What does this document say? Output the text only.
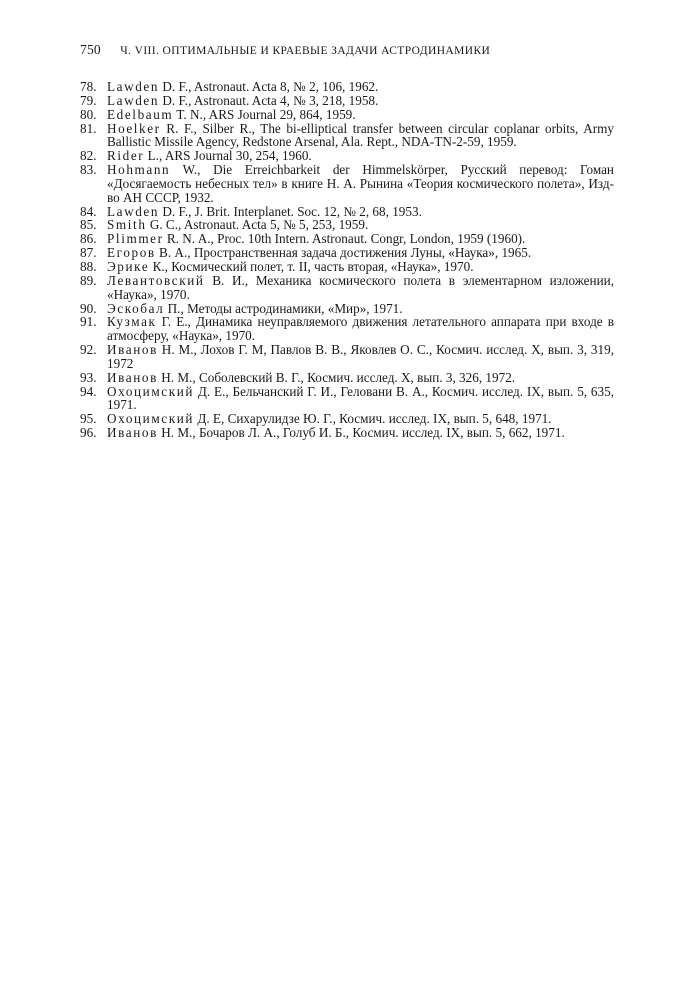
750 Ч. VIII. ОПТИМАЛЬНЫЕ И КРАЕВЫЕ ЗАДАЧИ АСТРОДИНАМИКИ
78. Lawden D. F., Astronaut. Acta 8, № 2, 106, 1962.
79. Lawden D. F., Astronaut. Acta 4, № 3, 218, 1958.
80. Edelbaum T. N., ARS Journal 29, 864, 1959.
81. Hoelker R. F., Silber R., The bi-elliptical transfer between circular coplanar orbits, Army Ballistic Missile Agency, Redstone Arsenal, Ala. Rept., NDA-TN-2-59, 1959.
82. Rider L., ARS Journal 30, 254, 1960.
83. Hohmann W., Die Erreichbarkeit der Himmelskörper, Русский перевод: Гоман «Досягаемость небесных тел» в книге Н. А. Рынина «Теория космического полета», Изд-во АН СССР, 1932.
84. Lawden D. F., J. Brit. Interplanet. Soc. 12, № 2, 68, 1953.
85. Smith G. C., Astronaut. Acta 5, № 5, 253, 1959.
86. Plimmer R. N. A., Proc. 10th Intern. Astronaut. Congr, London, 1959 (1960).
87. Егоров В. А., Пространственная задача достижения Луны, «Наука», 1965.
88. Эрике К., Космический полет, т. II, часть вторая, «Наука», 1970.
89. Левантовский В. И., Механика космического полета в элементарном изложении, «Наука», 1970.
90. Эскобал П., Методы астродинамики, «Мир», 1971.
91. Кузмак Г. Е., Динамика неуправляемого движения летательного аппарата при входе в атмосферу, «Наука», 1970.
92. Иванов Н. М., Лохов Г. М, Павлов В. В., Яковлев О. С., Космич. исслед. X, вып. 3, 319, 1972
93. Иванов Н. М., Соболевский В. Г., Космич. исслед. X, вып. 3, 326, 1972.
94. Охоцимский Д. Е., Бельчанский Г. И., Геловани В. А., Космич. исслед. IX, вып. 5, 635, 1971.
95. Охоцимский Д. Е, Сихарулидзе Ю. Г., Космич. исслед. IX, вып. 5, 648, 1971.
96. Иванов Н. М., Бочаров Л. А., Голуб И. Б., Космич. исслед. IX, вып. 5, 662, 1971.
